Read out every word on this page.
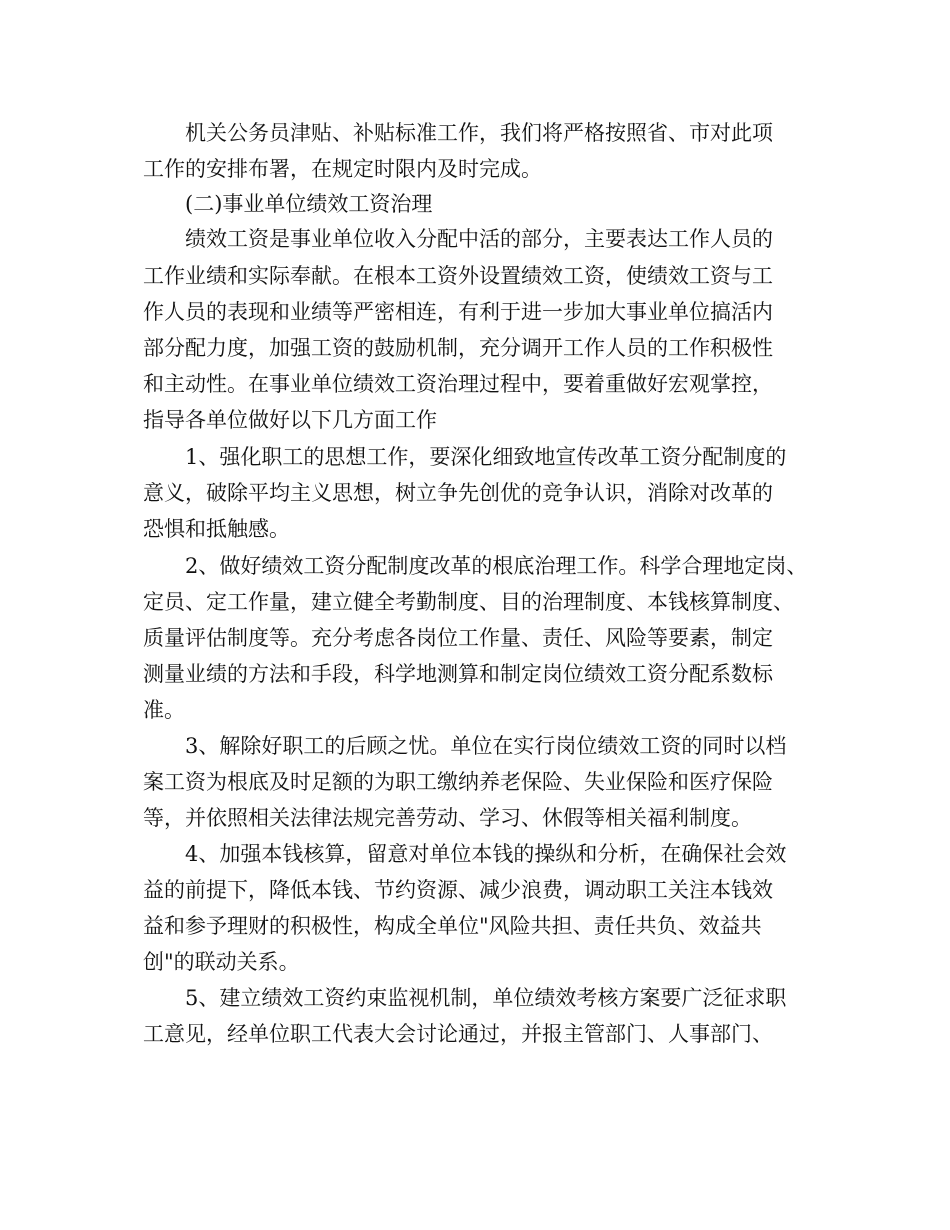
机关公务员津贴、补贴标准工作，我们将严格按照省、市对此项
工作的安排布署，在规定时限内及时完成。
(二)事业单位绩效工资治理
绩效工资是事业单位收入分配中活的部分，主要表达工作人员的
工作业绩和实际奉献。在根本工资外设置绩效工资，使绩效工资与工
作人员的表现和业绩等严密相连，有利于进一步加大事业单位搞活内
部分配力度，加强工资的鼓励机制，充分调开工作人员的工作积极性
和主动性。在事业单位绩效工资治理过程中，要着重做好宏观掌控，
指导各单位做好以下几方面工作
1、强化职工的思想工作，要深化细致地宣传改革工资分配制度的
意义，破除平均主义思想，树立争先创优的竞争认识，消除对改革的
恐惧和抵触感。
2、做好绩效工资分配制度改革的根底治理工作。科学合理地定岗、
定员、定工作量，建立健全考勤制度、目的治理制度、本钱核算制度、
质量评估制度等。充分考虑各岗位工作量、责任、风险等要素，制定
测量业绩的方法和手段，科学地测算和制定岗位绩效工资分配系数标
准。
3、解除好职工的后顾之忧。单位在实行岗位绩效工资的同时以档
案工资为根底及时足额的为职工缴纳养老保险、失业保险和医疗保险
等，并依照相关法律法规完善劳动、学习、休假等相关福利制度。
4、加强本钱核算，留意对单位本钱的操纵和分析，在确保社会效
益的前提下，降低本钱、节约资源、减少浪费，调动职工关注本钱效
益和参予理财的积极性，构成全单位"风险共担、责任共负、效益共
创"的联动关系。
5、建立绩效工资约束监视机制，单位绩效考核方案要广泛征求职
工意见，经单位职工代表大会讨论通过，并报主管部门、人事部门、
